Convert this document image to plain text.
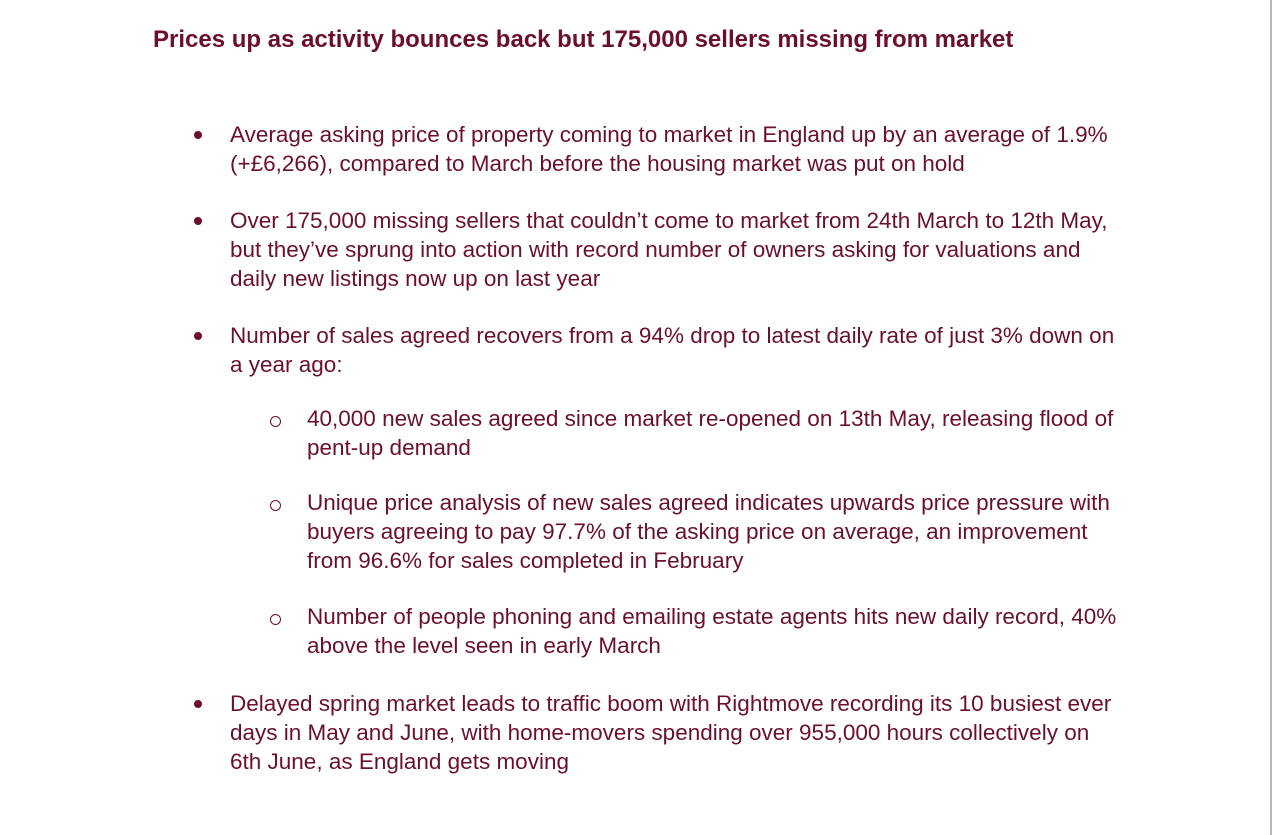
Prices up as activity bounces back but 175,000 sellers missing from market
Average asking price of property coming to market in England up by an average of 1.9% (+£6,266), compared to March before the housing market was put on hold
Over 175,000 missing sellers that couldn’t come to market from 24th March to 12th May, but they’ve sprung into action with record number of owners asking for valuations and daily new listings now up on last year
Number of sales agreed recovers from a 94% drop to latest daily rate of just 3% down on a year ago:
40,000 new sales agreed since market re-opened on 13th May, releasing flood of pent-up demand
Unique price analysis of new sales agreed indicates upwards price pressure with buyers agreeing to pay 97.7% of the asking price on average, an improvement from 96.6% for sales completed in February
Number of people phoning and emailing estate agents hits new daily record, 40% above the level seen in early March
Delayed spring market leads to traffic boom with Rightmove recording its 10 busiest ever days in May and June, with home-movers spending over 955,000 hours collectively on 6th June, as England gets moving
